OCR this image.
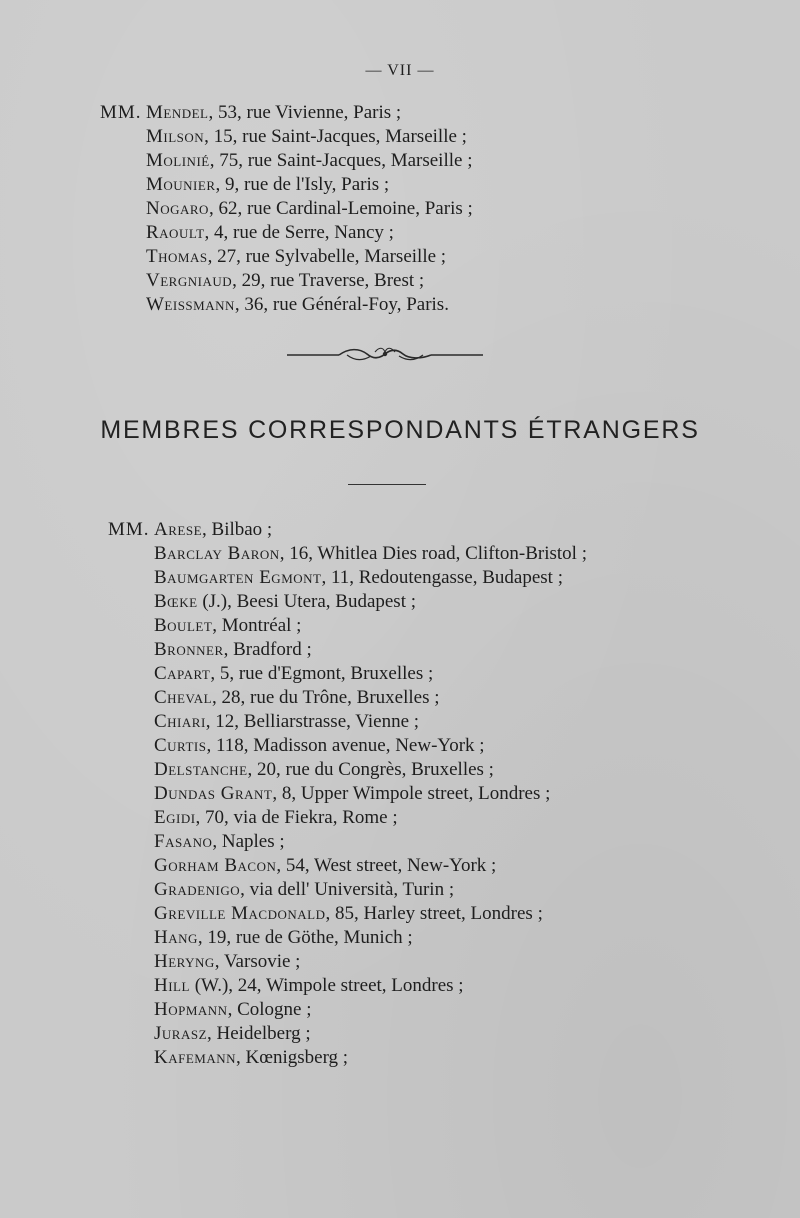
— VII —
MM. Mendel, 53, rue Vivienne, Paris ;
Milson, 15, rue Saint-Jacques, Marseille ;
Molinié, 75, rue Saint-Jacques, Marseille ;
Mounier, 9, rue de l'Isly, Paris ;
Nogaro, 62, rue Cardinal-Lemoine, Paris ;
Raoult, 4, rue de Serre, Nancy ;
Thomas, 27, rue Sylvabelle, Marseille ;
Vergniaud, 29, rue Traverse, Brest ;
Weissmann, 36, rue Général-Foy, Paris.
MEMBRES CORRESPONDANTS ÉTRANGERS
MM. Arese, Bilbao ;
Barclay Baron, 16, Whitlea Dies road, Clifton-Bristol ;
Baumgarten Egmont, 11, Redoutengasse, Budapest ;
Bœke (J.), Beesi Utera, Budapest ;
Boulet, Montréal ;
Bronner, Bradford ;
Capart, 5, rue d'Egmont, Bruxelles ;
Cheval, 28, rue du Trône, Bruxelles ;
Chiari, 12, Belliarstrasse, Vienne ;
Curtis, 118, Madisson avenue, New-York ;
Delstanche, 20, rue du Congrès, Bruxelles ;
Dundas Grant, 8, Upper Wimpole street, Londres ;
Egidi, 70, via de Fiekra, Rome ;
Fasano, Naples ;
Gorham Bacon, 54, West street, New-York ;
Gradenigo, via dell' Università, Turin ;
Greville Macdonald, 85, Harley street, Londres ;
Hang, 19, rue de Göthe, Munich ;
Heryng, Varsovie ;
Hill (W.), 24, Wimpole street, Londres ;
Hopmann, Cologne ;
Jurasz, Heidelberg ;
Kafemann, Kœnigsberg ;
